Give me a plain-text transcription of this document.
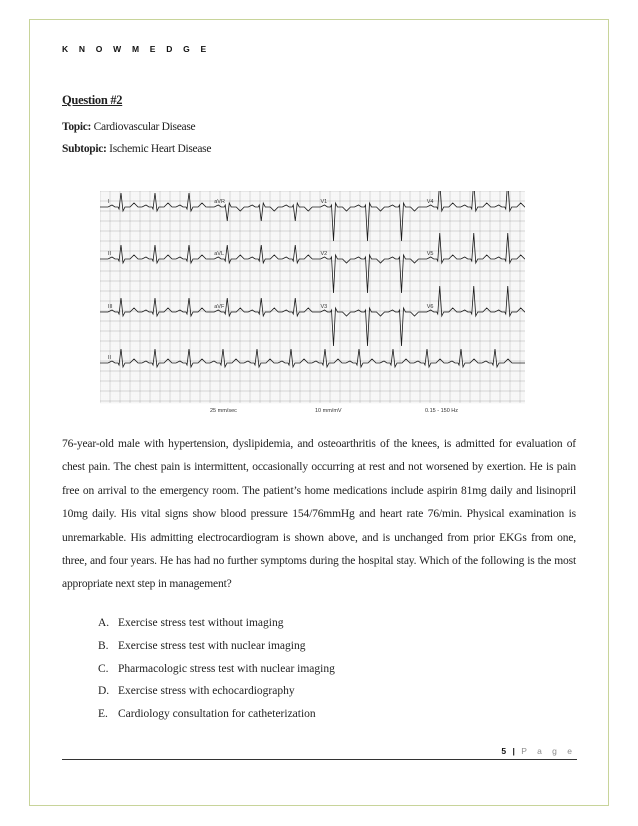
K N O W M E D G E
Question #2
Topic: Cardiovascular Disease
Subtopic: Ischemic Heart Disease
I	aVR	V1	V4
II	aVL	V2	V5
III	aVF	V3	V6
II
25 mm/sec	10 mm/mV	0.15 - 150 Hz
76-year-old male with hypertension, dyslipidemia, and osteoarthritis of the knees, is admitted for evaluation of chest pain. The chest pain is intermittent, occasionally occurring at rest and not worsened by exertion. He is pain free on arrival to the emergency room. The patient’s home medications include aspirin 81mg daily and lisinopril 10mg daily. His vital signs show blood pressure 154/76mmHg and heart rate 76/min. Physical examination is unremarkable. His admitting electrocardiogram is shown above, and is unchanged from prior EKGs from one, three, and four years. He has had no further symptoms during the hospital stay. Which of the following is the most appropriate next step in management?
A. Exercise stress test without imaging
B. Exercise stress test with nuclear imaging
C. Pharmacologic stress test with nuclear imaging
D. Exercise stress with echocardiography
E. Cardiology consultation for catheterization
5 | P a g e
